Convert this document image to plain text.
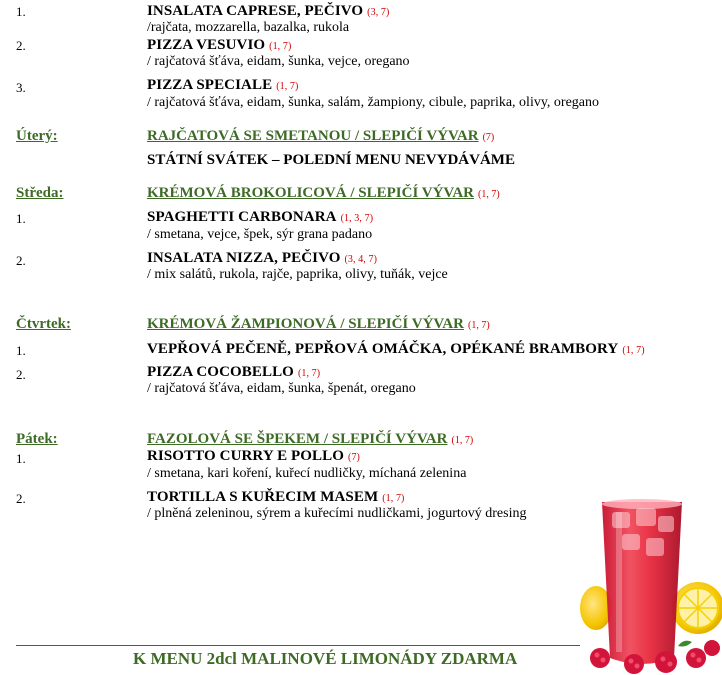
1.	INSALATA CAPRESE, PEČIVO (3, 7)
/rajčata, mozzarella, bazalka, rukola
2.	PIZZA VESUVIO (1, 7)
/ rajčatová šťáva, eidam, šunka, vejce, oregano
3.	PIZZA SPECIALE (1, 7)
/ rajčatová šťáva, eidam, šunka, salám, žampiony, cibule, paprika, olivy, oregano
Úterý:	RAJČATOVÁ SE SMETANOU / SLEPIČÍ VÝVAR (7)
STÁTNÍ SVÁTEK – POLEDNÍ MENU NEVYDÁVÁME
Středa:	KRÉMOVÁ BROKOLICOVÁ / SLEPIČÍ VÝVAR (1, 7)
1.	SPAGHETTI CARBONARA (1, 3, 7)
/ smetana, vejce, špek, sýr grana padano
2.	INSALATA NIZZA, PEČIVO (3, 4, 7)
/ mix salátů, rukola, rajče, paprika, olivy, tuňák, vejce
Čtvrtek:	KRÉMOVÁ ŽAMPIONOVÁ / SLEPIČÍ VÝVAR (1, 7)
1.	VEPŘOVÁ PEČENĚ, PEPŘOVÁ OMÁČKA, OPÉKANÉ BRAMBORY (1, 7)
2.	PIZZA COCOBELLO (1, 7)
/ rajčatová šťáva, eidam, šunka, špenát, oregano
Pátek:	FAZOLOVÁ SE ŠPEKEM / SLEPIČÍ VÝVAR (1, 7)
1.	RISOTTO CURRY E POLLO (7)
/ smetana, kari koření, kuřecí nudličky, míchaná zelenina
2.	TORTILLA S KUŘECIM MASEM (1, 7)
/ plněná zeleninou, sýrem a kuřecími nudličkami, jogurtový dresing
K MENU 2dcl MALINOVÉ LIMONÁDY ZDARMA
